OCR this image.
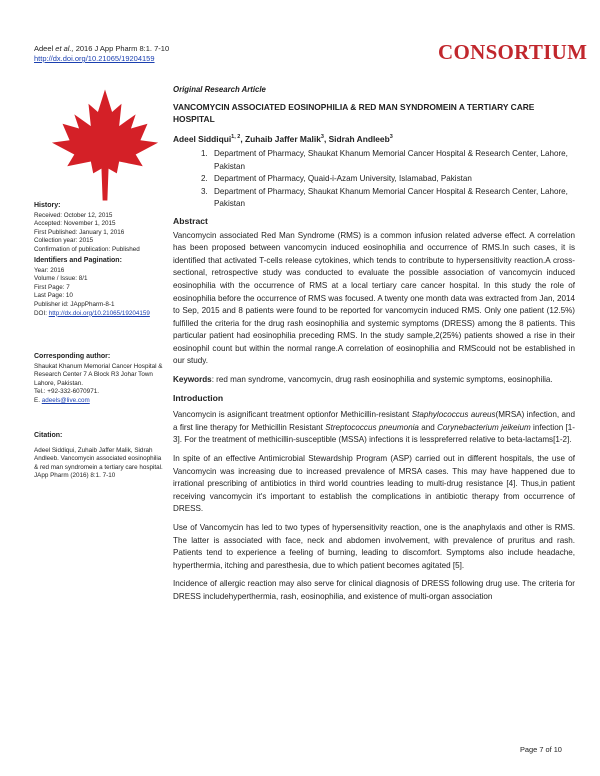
Adeel et al., 2016 J App Pharm 8:1. 7-10
http://dx.doi.org/10.21065/19204159	CONSORTIUM
History:
Received: October 12, 2015
Accepted: November 1, 2015
First Published: January 1, 2016
Collection year: 2015
Confirmation of publication: Published
Identifiers and Pagination:
Year: 2016
Volume / Issue: 8/1
First Page: 7
Last Page: 10
Publisher id: JAppPharm-8-1
DOI: http://dx.doi.org/10.21065/19204159
Corresponding author:
Shaukat Khanum Memorial Cancer Hospital & Research Center 7 A Block R3 Johar Town Lahore, Pakistan.
Tel.: +92-332-6070971.
E. adeels@live.com
Citation:
Adeel Siddiqui, Zuhaib Jaffer Malik, Sidrah Andleeb. Vancomycin associated eosinophilia & red man syndromein a tertiary care hospital. JApp Pharm (2016) 8:1. 7-10
Original Research Article
VANCOMYCIN ASSOCIATED EOSINOPHILIA & RED MAN SYNDROMEIN A TERTIARY CARE HOSPITAL
Adeel Siddiqui$^{1, 2}$, Zuhaib Jaffer Malik$^3$, Sidrah Andleeb$^3$
1. Department of Pharmacy, Shaukat Khanum Memorial Cancer Hospital & Research Center, Lahore, Pakistan
2. Department of Pharmacy, Quaid-i-Azam University, Islamabad, Pakistan
3. Department of Pharmacy, Shaukat Khanum Memorial Cancer Hospital & Research Center, Lahore, Pakistan
Abstract

Vancomycin associated Red Man Syndrome (RMS) is a common infusion related adverse effect. A correlation has been proposed between vancomycin induced eosinophilia and occurrence of RMS.In such cases, it is identified that activated T-cells release cytokines, which tends to contribute to hypersensitivity reaction.A cross-sectional, retrospective study was conducted to evaluate the possible association of vancomycin induced eosinophilia with the occurrence of RMS at a local tertiary care cancer hospital. In this study the role of eosinophilia before the occurrence of RMS was focused. A twenty one month data was extracted from Jan, 2014 to Sep, 2015 and 8 patients were found to be reported for vancomycin induced RMS. Only one patient (12.5%) fulfilled the criteria for the drug rash eosinophilia and systemic symptoms (DRESS) among the 8 patients. This particular patient had eosinophilia preceding RMS. In the study sample,2(25%) patients showed a rise in their eosinophil count but within the normal range.A correlation of eosinophilia and RMScould not be established in our study.

Keywords: red man syndrome, vancomycin, drug rash eosinophilia and systemic symptoms, eosinophilia.

Introduction

Vancomycin is asignificant treatment optionfor Methicillin-resistant Staphylococcus aureus(MRSA) infection, and a first line therapy for Methicillin Resistant Streptococcus pneumonia and Corynebacterium jeikeium infection [1-3]. For the treatment of methicillin-susceptible (MSSA) infections it is lesspreferred relative to beta-lactams[1-2].

In spite of an effective Antimicrobial Stewardship Program (ASP) carried out in different hospitals, the use of Vancomycin was increasing due to increased prevalence of MRSA cases. This may have happened due to irrational prescribing of antibiotics in third world countries leading to multi-drug resistance [4]. Thus,in patient receiving vancomycin it's important to establish the complications in antibiotic therapy from occurrence of DRESS.

Use of Vancomycin has led to two types of hypersensitivity reaction, one is the anaphylaxis and other is RMS. The latter is associated with face, neck and abdomen involvement, with prevalence of pruritus and rash. Patients tend to experience a feeling of burning, leading to discomfort. Symptoms also include headache, hyperthermia, itching and paresthesia, due to which patient becomes agitated [5].

Incidence of allergic reaction may also serve for clinical diagnosis of DRESS following drug use. The criteria for DRESS includehyperthermia, rash, eosinophilia, and existence of multi-organ association

Page 7 of 10
